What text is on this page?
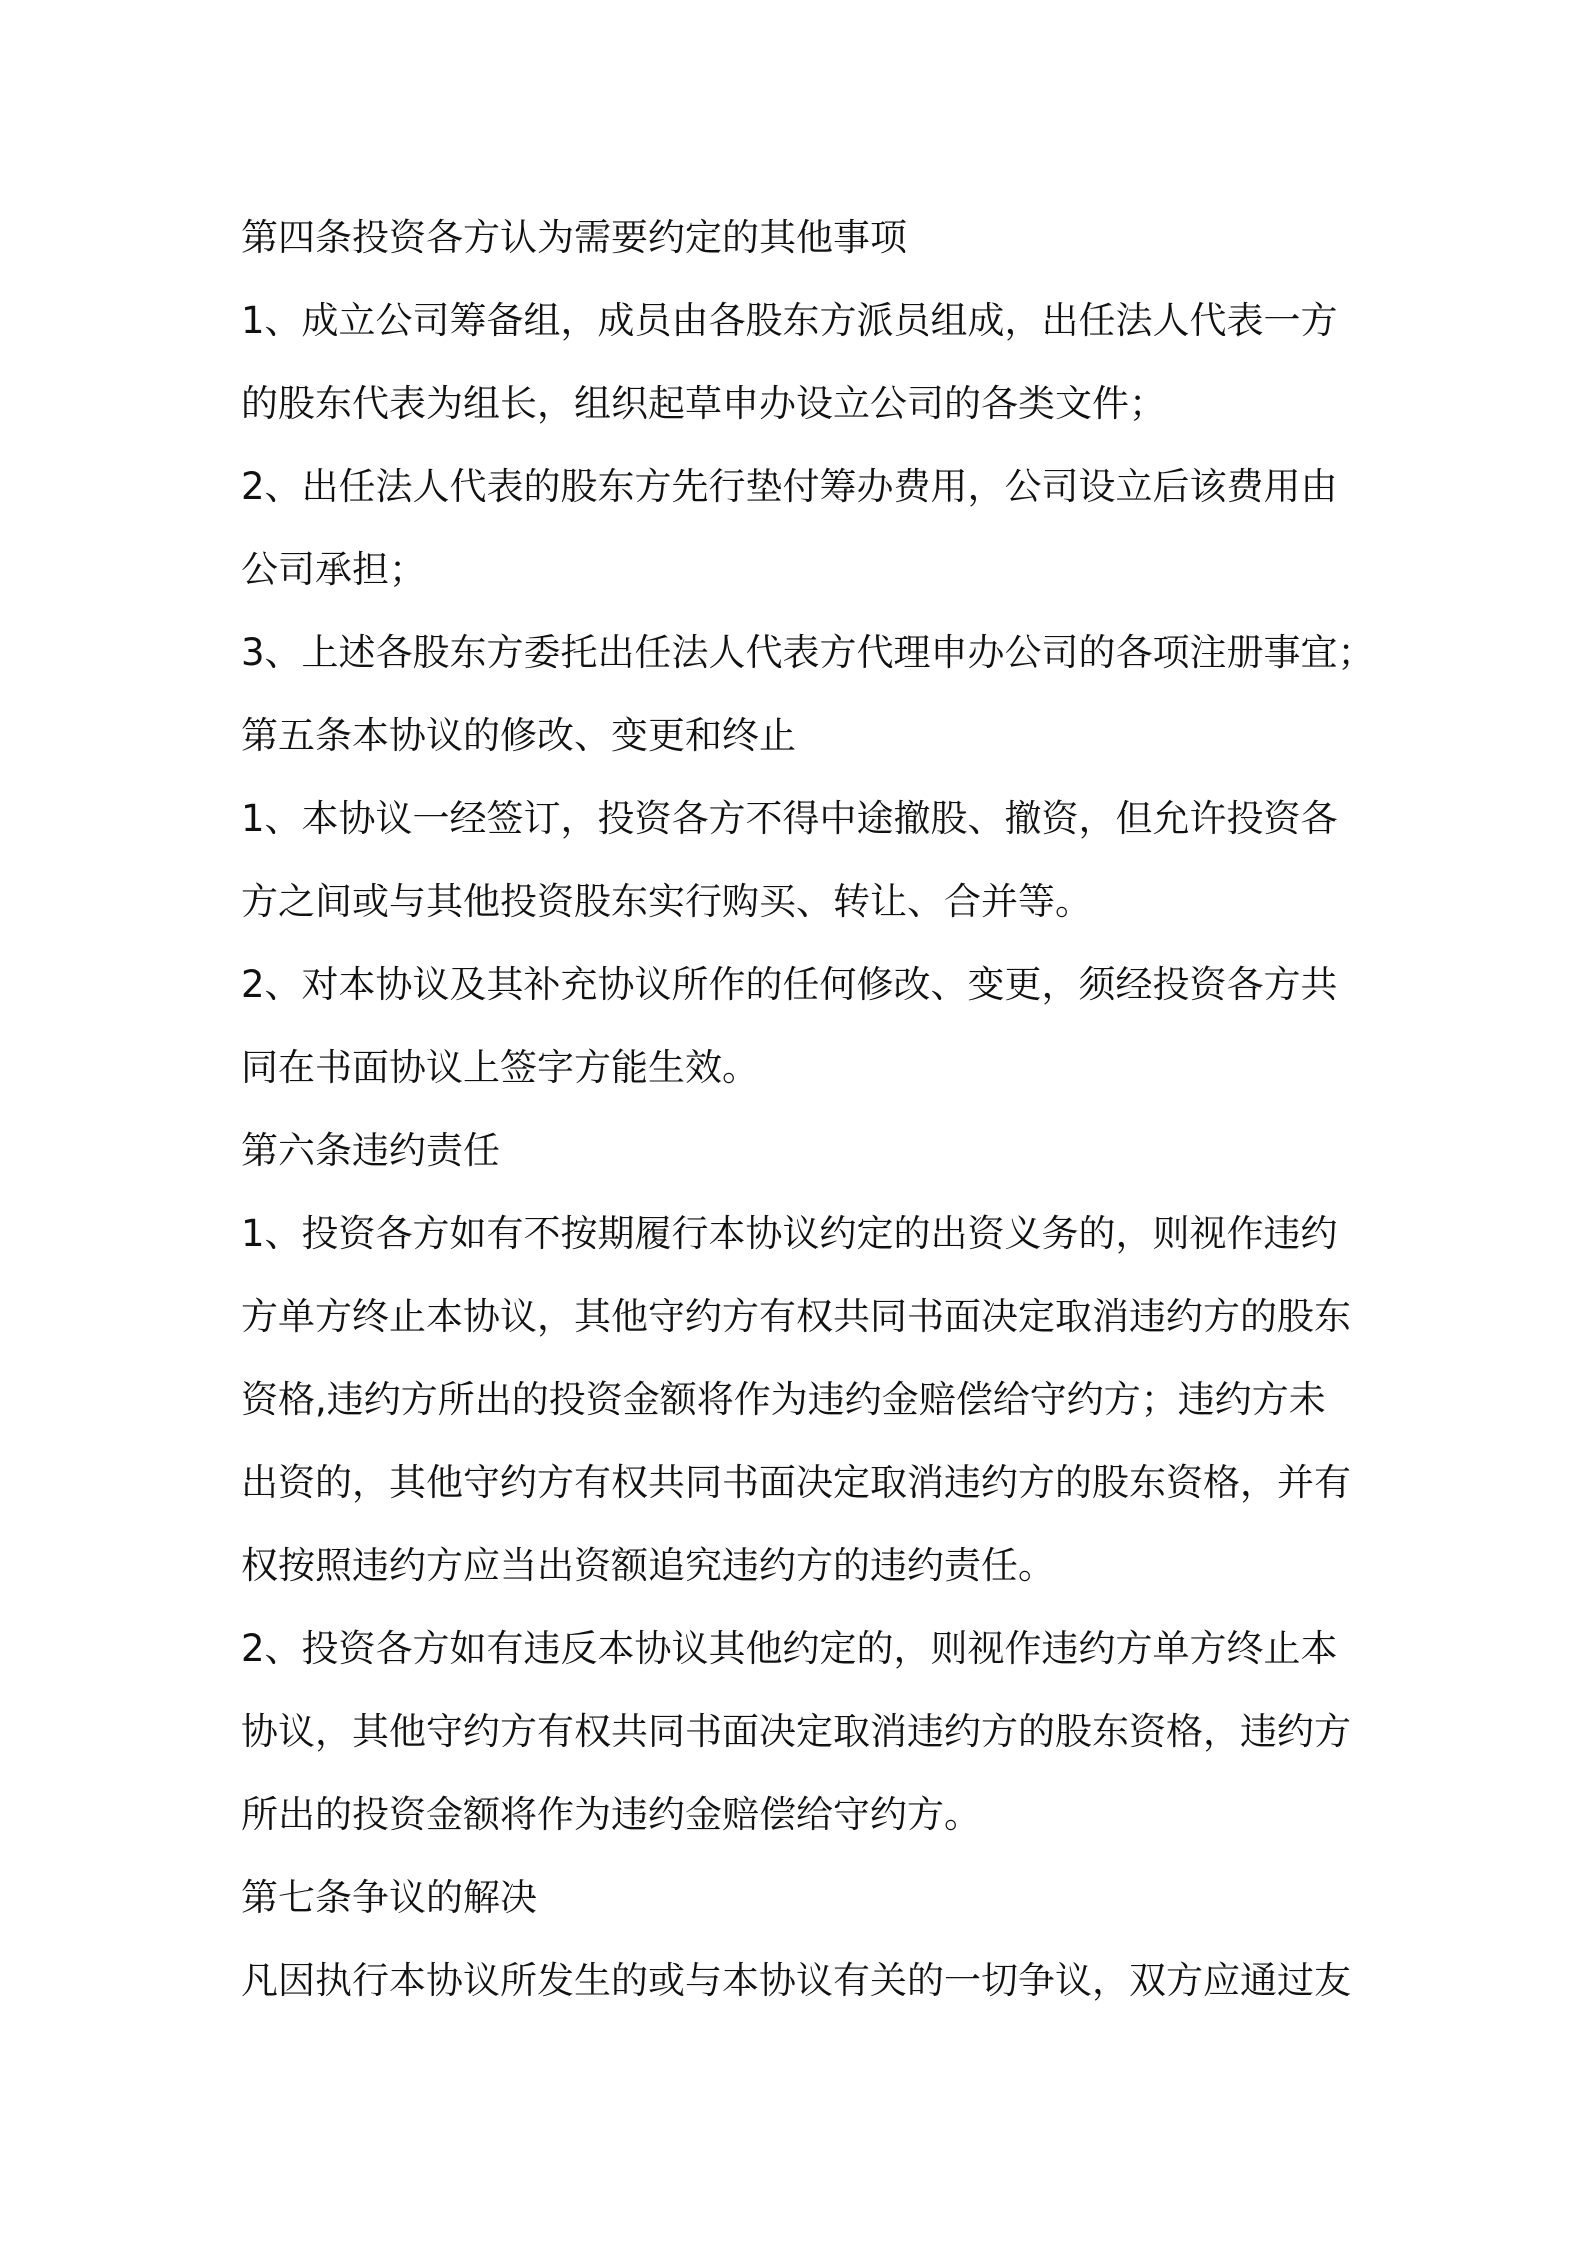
第四条投资各方认为需要约定的其他事项
1、成立公司筹备组，成员由各股东方派员组成，出任法人代表一方
的股东代表为组长，组织起草申办设立公司的各类文件；
2、出任法人代表的股东方先行垫付筹办费用，公司设立后该费用由
公司承担；
3、上述各股东方委托出任法人代表方代理申办公司的各项注册事宜；
第五条本协议的修改、变更和终止
1、本协议一经签订，投资各方不得中途撤股、撤资，但允许投资各
方之间或与其他投资股东实行购买、转让、合并等。
2、对本协议及其补充协议所作的任何修改、变更，须经投资各方共
同在书面协议上签字方能生效。
第六条违约责任
1、投资各方如有不按期履行本协议约定的出资义务的，则视作违约
方单方终止本协议，其他守约方有权共同书面决定取消违约方的股东
资格,违约方所出的投资金额将作为违约金赔偿给守约方；违约方未
出资的，其他守约方有权共同书面决定取消违约方的股东资格，并有
权按照违约方应当出资额追究违约方的违约责任。
2、投资各方如有违反本协议其他约定的，则视作违约方单方终止本
协议，其他守约方有权共同书面决定取消违约方的股东资格，违约方
所出的投资金额将作为违约金赔偿给守约方。
第七条争议的解决
凡因执行本协议所发生的或与本协议有关的一切争议，双方应通过友
